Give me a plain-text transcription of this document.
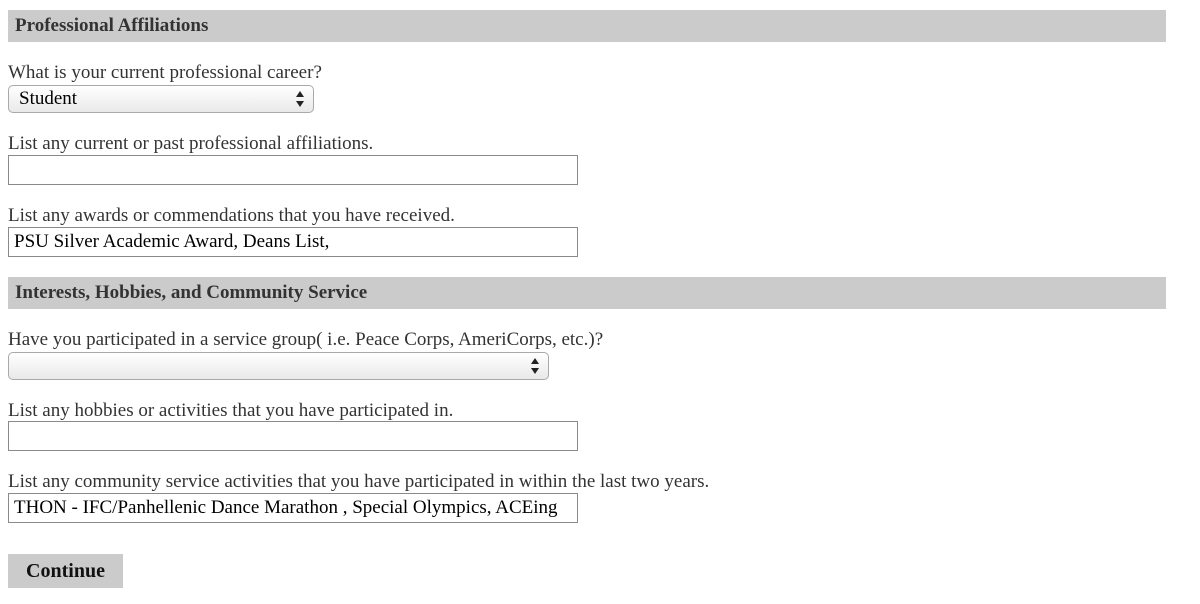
Professional Affiliations
What is your current professional career?
Student
List any current or past professional affiliations.
List any awards or commendations that you have received.
PSU Silver Academic Award, Deans List,
Interests, Hobbies, and Community Service
Have you participated in a service group( i.e. Peace Corps, AmeriCorps, etc.)?
List any hobbies or activities that you have participated in.
List any community service activities that you have participated in within the last two years.
THON - IFC/Panhellenic Dance Marathon , Special Olympics, ACEing
Continue
